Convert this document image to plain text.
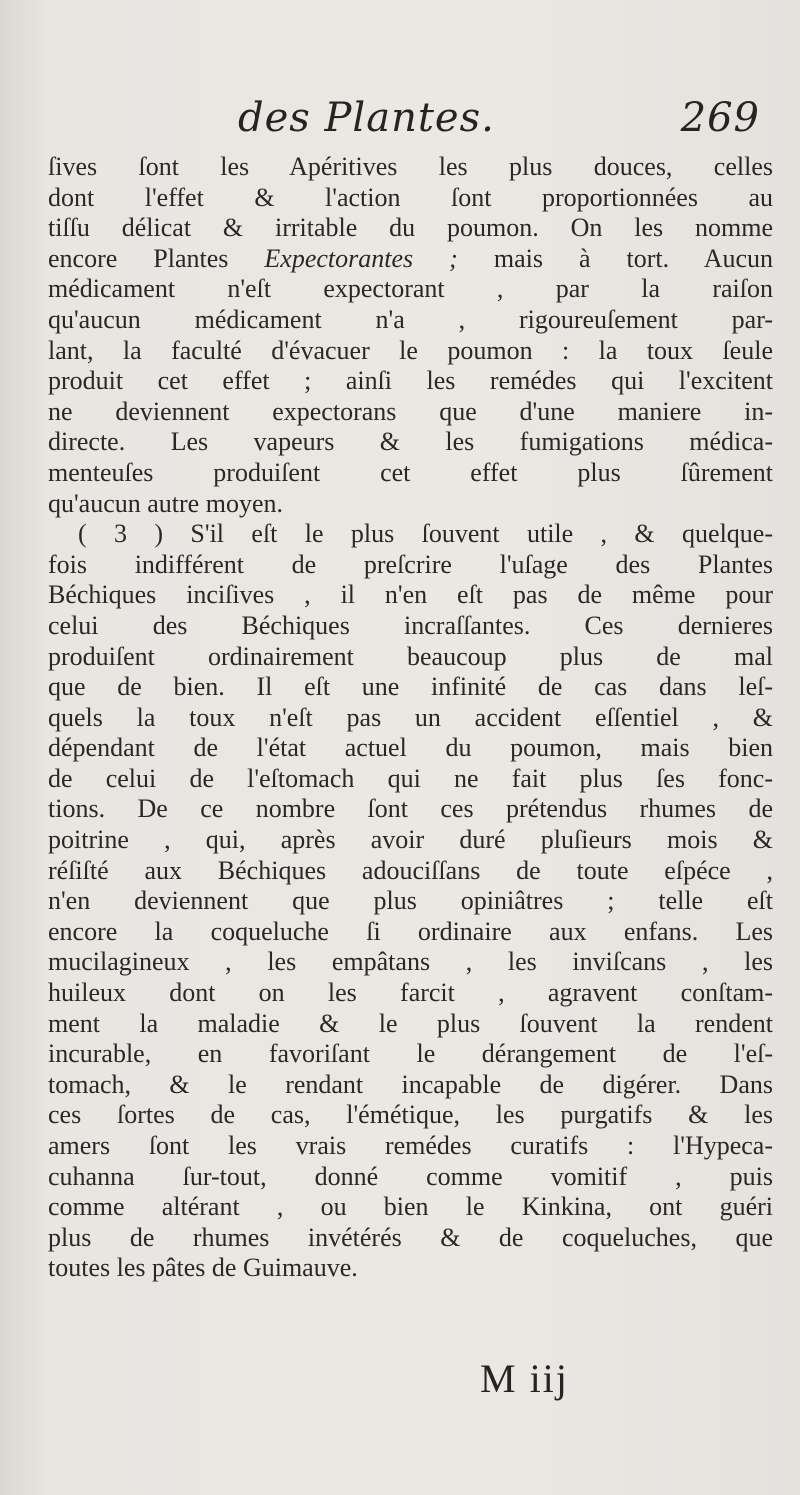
des Plantes.	269
ſives ſont les Apéritives les plus douces, celles
dont l'effet & l'action ſont proportionnées au
tiſſu délicat & irritable du poumon. On les nomme
encore Plantes Expectorantes ; mais à tort. Aucun
médicament n'eſt expectorant , par la raiſon
qu'aucun médicament n'a , rigoureuſement par-
lant, la faculté d'évacuer le poumon : la toux ſeule
produit cet effet ; ainſi les remédes qui l'excitent
ne deviennent expectorans que d'une maniere in-
directe. Les vapeurs & les fumigations médica-
menteuſes produiſent cet effet plus ſûrement
qu'aucun autre moyen.
( 3 ) S'il eſt le plus ſouvent utile , & quelque-
fois indifférent de preſcrire l'uſage des Plantes
Béchiques inciſives , il n'en eſt pas de même pour
celui des Béchiques incraſſantes. Ces dernieres
produiſent ordinairement beaucoup plus de mal
que de bien. Il eſt une infinité de cas dans leſ-
quels la toux n'eſt pas un accident eſſentiel , &
dépendant de l'état actuel du poumon, mais bien
de celui de l'eſtomach qui ne fait plus ſes fonc-
tions. De ce nombre ſont ces prétendus rhumes de
poitrine , qui, après avoir duré pluſieurs mois &
réſiſté aux Béchiques adouciſſans de toute eſpéce ,
n'en deviennent que plus opiniâtres ; telle eſt
encore la coqueluche ſi ordinaire aux enfans. Les
mucilagineux , les empâtans , les inviſcans , les
huileux dont on les farcit , agravent conſtam-
ment la maladie & le plus ſouvent la rendent
incurable, en favoriſant le dérangement de l'eſ-
tomach, & le rendant incapable de digérer. Dans
ces ſortes de cas, l'émétique, les purgatifs & les
amers ſont les vrais remédes curatifs : l'Hypeca-
cuhanna ſur-tout, donné comme vomitif , puis
comme altérant , ou bien le Kinkina, ont guéri
plus de rhumes invétérés & de coqueluches, que
toutes les pâtes de Guimauve.
M iij
